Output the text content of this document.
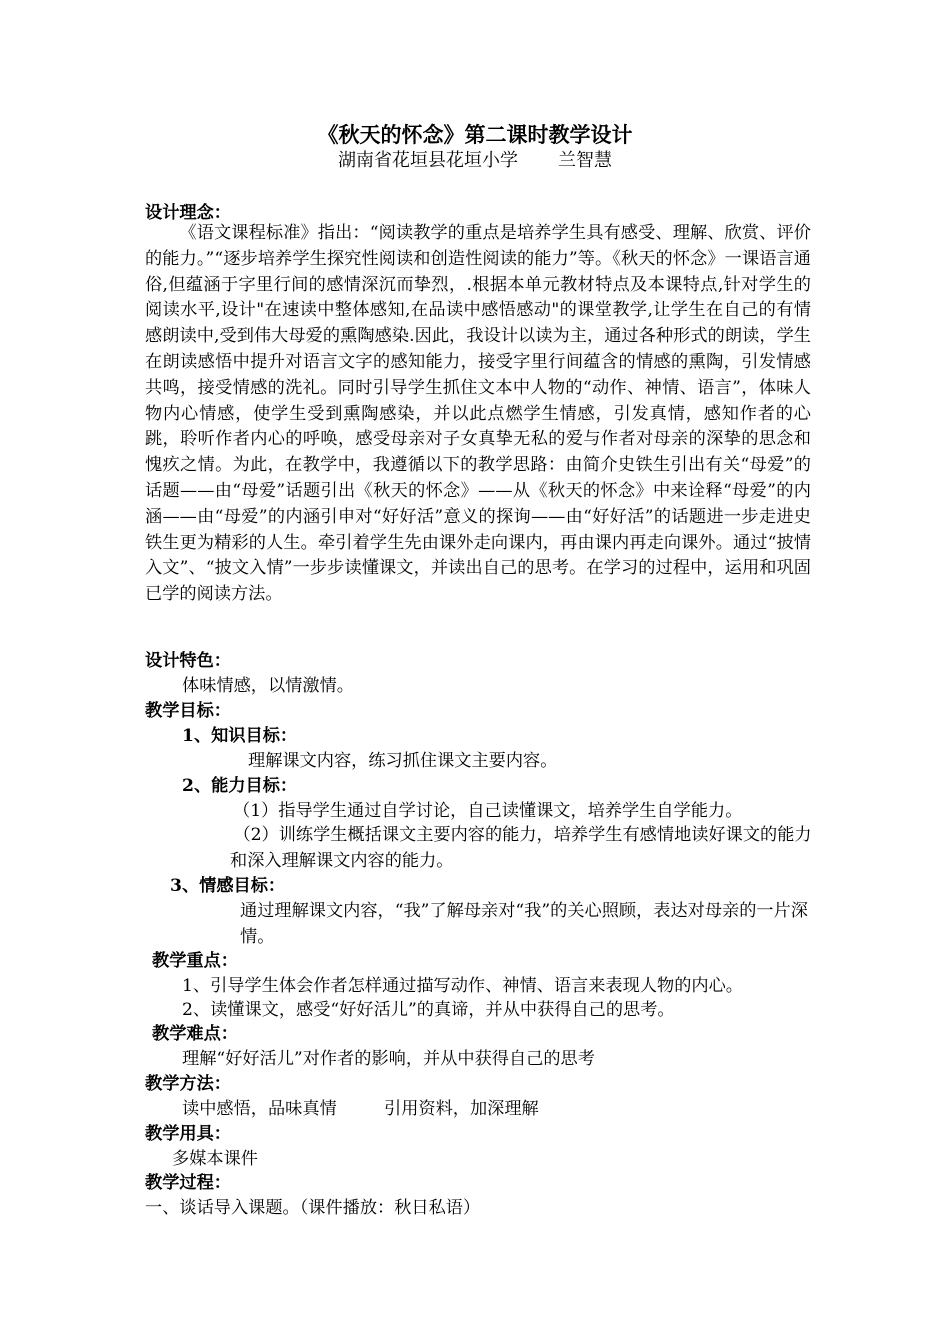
《秋天的怀念》第二课时教学设计
湖南省花垣县花垣小学 兰智慧
设计理念：

《语文课程标准》指出：“阅读教学的重点是培养学生具有感受、理解、欣赏、评价的能力。”“逐步培养学生探究性阅读和创造性阅读的能力”等。《秋天的怀念》一课语言通俗,但蕴涵于字里行间的感情深沉而挚烈，.根据本单元教材特点及本课特点,针对学生的阅读水平,设计"在速读中整体感知,在品读中感悟感动"的课堂教学,让学生在自己的有情感朗读中,受到伟大母爱的熏陶感染.因此，我设计以读为主，通过各种形式的朗读，学生在朗读感悟中提升对语言文字的感知能力，接受字里行间蕴含的情感的熏陶，引发情感共鸣，接受情感的洗礼。同时引导学生抓住文本中人物的“动作、神情、语言”，体味人物内心情感，使学生受到熏陶感染，并以此点燃学生情感，引发真情，感知作者的心跳，聆听作者内心的呼唤，感受母亲对子女真挚无私的爱与作者对母亲的深挚的思念和愧疚之情。为此，在教学中，我遵循以下的教学思路：由简介史铁生引出有关“母爱”的话题——由“母爱”话题引出《秋天的怀念》——从《秋天的怀念》中来诠释“母爱”的内涵——由“母爱”的内涵引申对“好好活”意义的探询——由“好好活”的话题进一步走进史铁生更为精彩的人生。牵引着学生先由课外走向课内，再由课内再走向课外。通过“披情入文”、“披文入情”一步步读懂课文，并读出自己的思考。在学习的过程中，运用和巩固已学的阅读方法。

设计特色：
体味情感，以情激情。
教学目标：
1、知识目标：
理解课文内容，练习抓住课文主要内容。
2、能力目标：
（1）指导学生通过自学讨论，自己读懂课文，培养学生自学能力。
（2）训练学生概括课文主要内容的能力，培养学生有感情地读好课文的能力和深入理解课文内容的能力。
3、情感目标：
通过理解课文内容，“我”了解母亲对“我”的关心照顾，表达对母亲的一片深情。
教学重点：
1、引导学生体会作者怎样通过描写动作、神情、语言来表现人物的内心。
2、读懂课文，感受“好好活儿”的真谛，并从中获得自己的思考。
教学难点：
理解“好好活儿”对作者的影响，并从中获得自己的思考
教学方法：
读中感悟，品味真情	引用资料，加深理解
教学用具：
多媒本课件
教学过程：
一、谈话导入课题。（课件播放：秋日私语）
